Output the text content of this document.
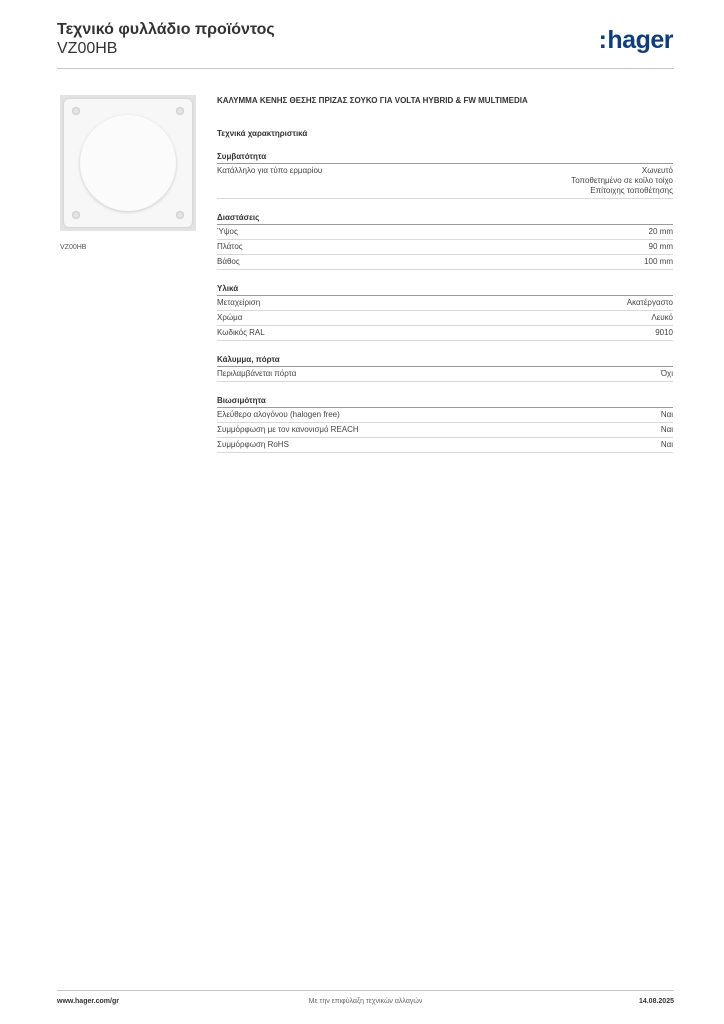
Τεχνικό φυλλάδιο προϊόντος
VZ00HB	:hager
VZ00HB
ΚΑΛΥΜΜΑ ΚΕΝΗΣ ΘΕΣΗΣ ΠΡΙΖΑΣ ΣΟΥΚΟ ΓΙΑ VOLTA HYBRID & FW MULTIMEDIA
Τεχνικά χαρακτηριστικά
Συμβατότητα
Κατάλληλο για τύπο ερμαρίου	Χωνευτό
Τοποθετημένο σε κοίλο τοίχο
Επίτοιχης τοποθέτησης
Διαστάσεις
Ύψος	20 mm
Πλάτος	90 mm
Βάθος	100 mm
Υλικά
Μεταχείριση	Ακατέργαστο
Χρώμα	Λευκό
Κωδικός RAL	9010
Κάλυμμα, πόρτα
Περιλαμβάνεται πόρτα	Όχι
Βιωσιμότητα
Ελεύθερο αλογόνου (halogen free)	Ναι
Συμμόρφωση με τον κανονισμό REACH	Ναι
Συμμόρφωση RoHS	Ναι
www.hager.com/gr	Με την επιφύλαξη τεχνικών αλλαγών	14.08.2025
